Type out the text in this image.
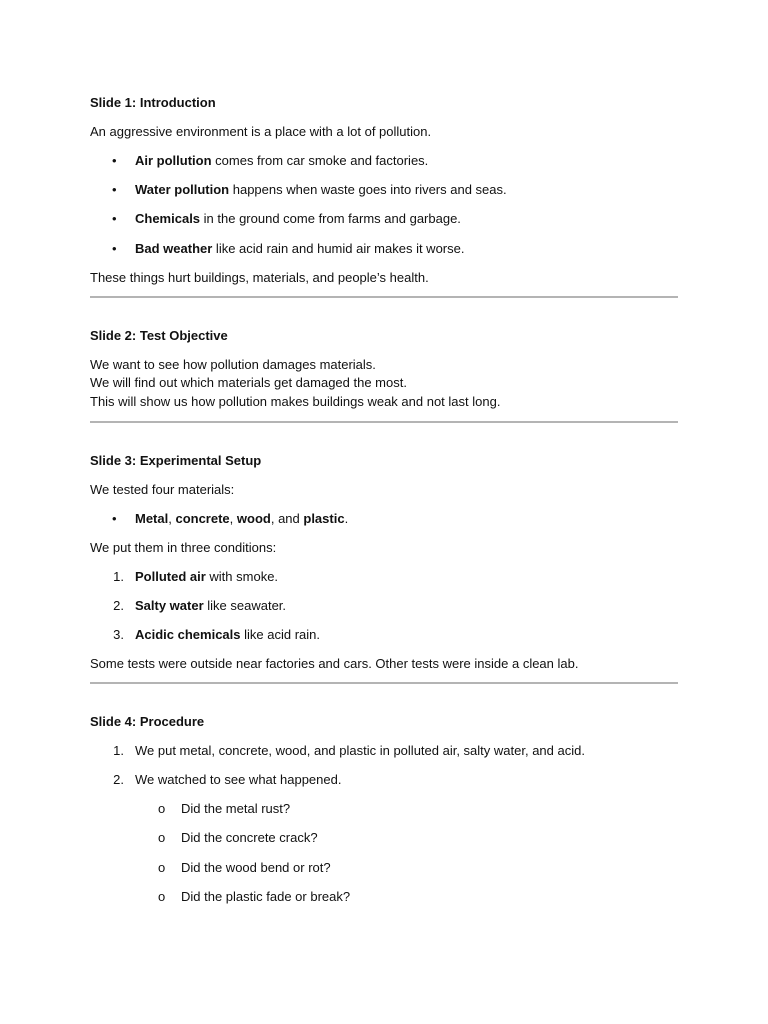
Slide 1: Introduction
An aggressive environment is a place with a lot of pollution.
• Air pollution comes from car smoke and factories.
• Water pollution happens when waste goes into rivers and seas.
• Chemicals in the ground come from farms and garbage.
• Bad weather like acid rain and humid air makes it worse.
These things hurt buildings, materials, and people’s health.
Slide 2: Test Objective
We want to see how pollution damages materials.
We will find out which materials get damaged the most.
This will show us how pollution makes buildings weak and not last long.
Slide 3: Experimental Setup
We tested four materials:
• Metal, concrete, wood, and plastic.
We put them in three conditions:
1. Polluted air with smoke.
2. Salty water like seawater.
3. Acidic chemicals like acid rain.
Some tests were outside near factories and cars. Other tests were inside a clean lab.
Slide 4: Procedure
1. We put metal, concrete, wood, and plastic in polluted air, salty water, and acid.
2. We watched to see what happened.
o Did the metal rust?
o Did the concrete crack?
o Did the wood bend or rot?
o Did the plastic fade or break?
